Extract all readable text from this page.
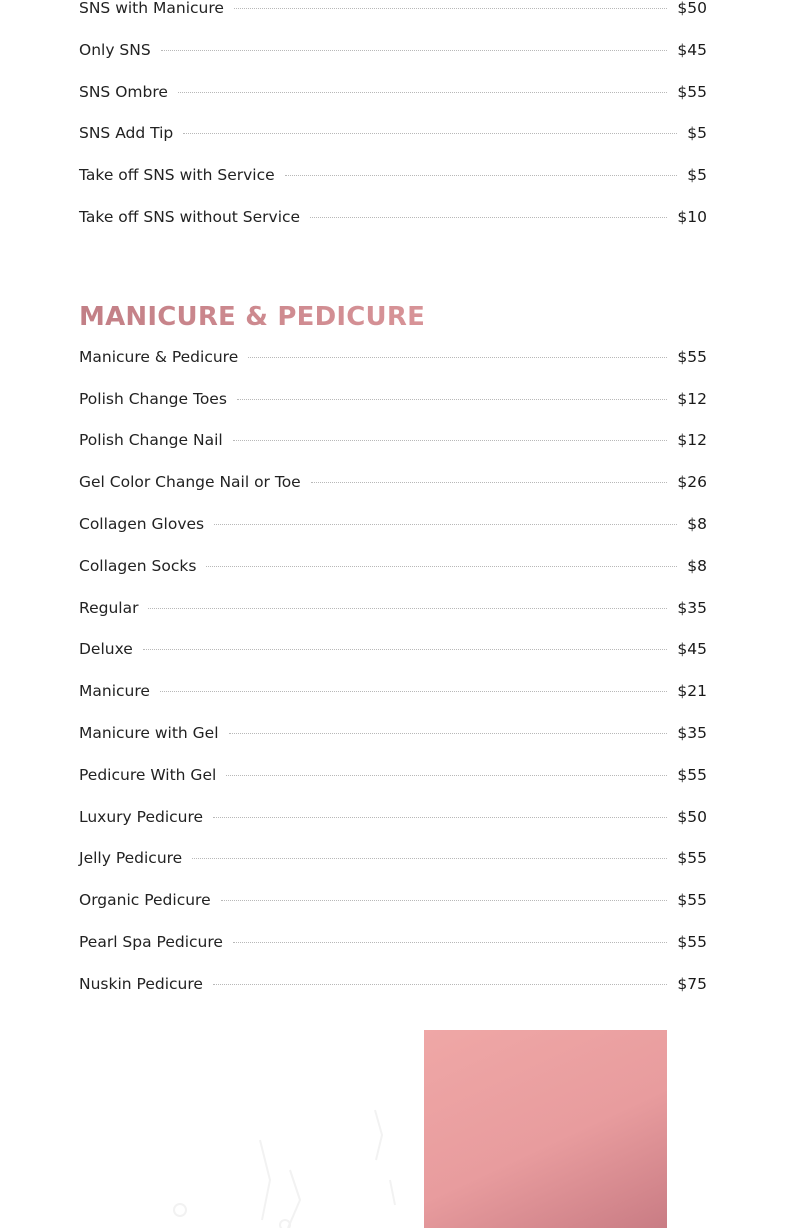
SNS with Manicure	$50
Only SNS	$45
SNS Ombre	$55
SNS Add Tip	$5
Take off SNS with Service	$5
Take off SNS without Service	$10
MANICURE & PEDICURE
Manicure & Pedicure	$55
Polish Change Toes	$12
Polish Change Nail	$12
Gel Color Change Nail or Toe	$26
Collagen Gloves	$8
Collagen Socks	$8
Regular	$35
Deluxe	$45
Manicure	$21
Manicure with Gel	$35
Pedicure With Gel	$55
Luxury Pedicure	$50
Jelly Pedicure	$55
Organic Pedicure	$55
Pearl Spa Pedicure	$55
Nuskin Pedicure	$75
